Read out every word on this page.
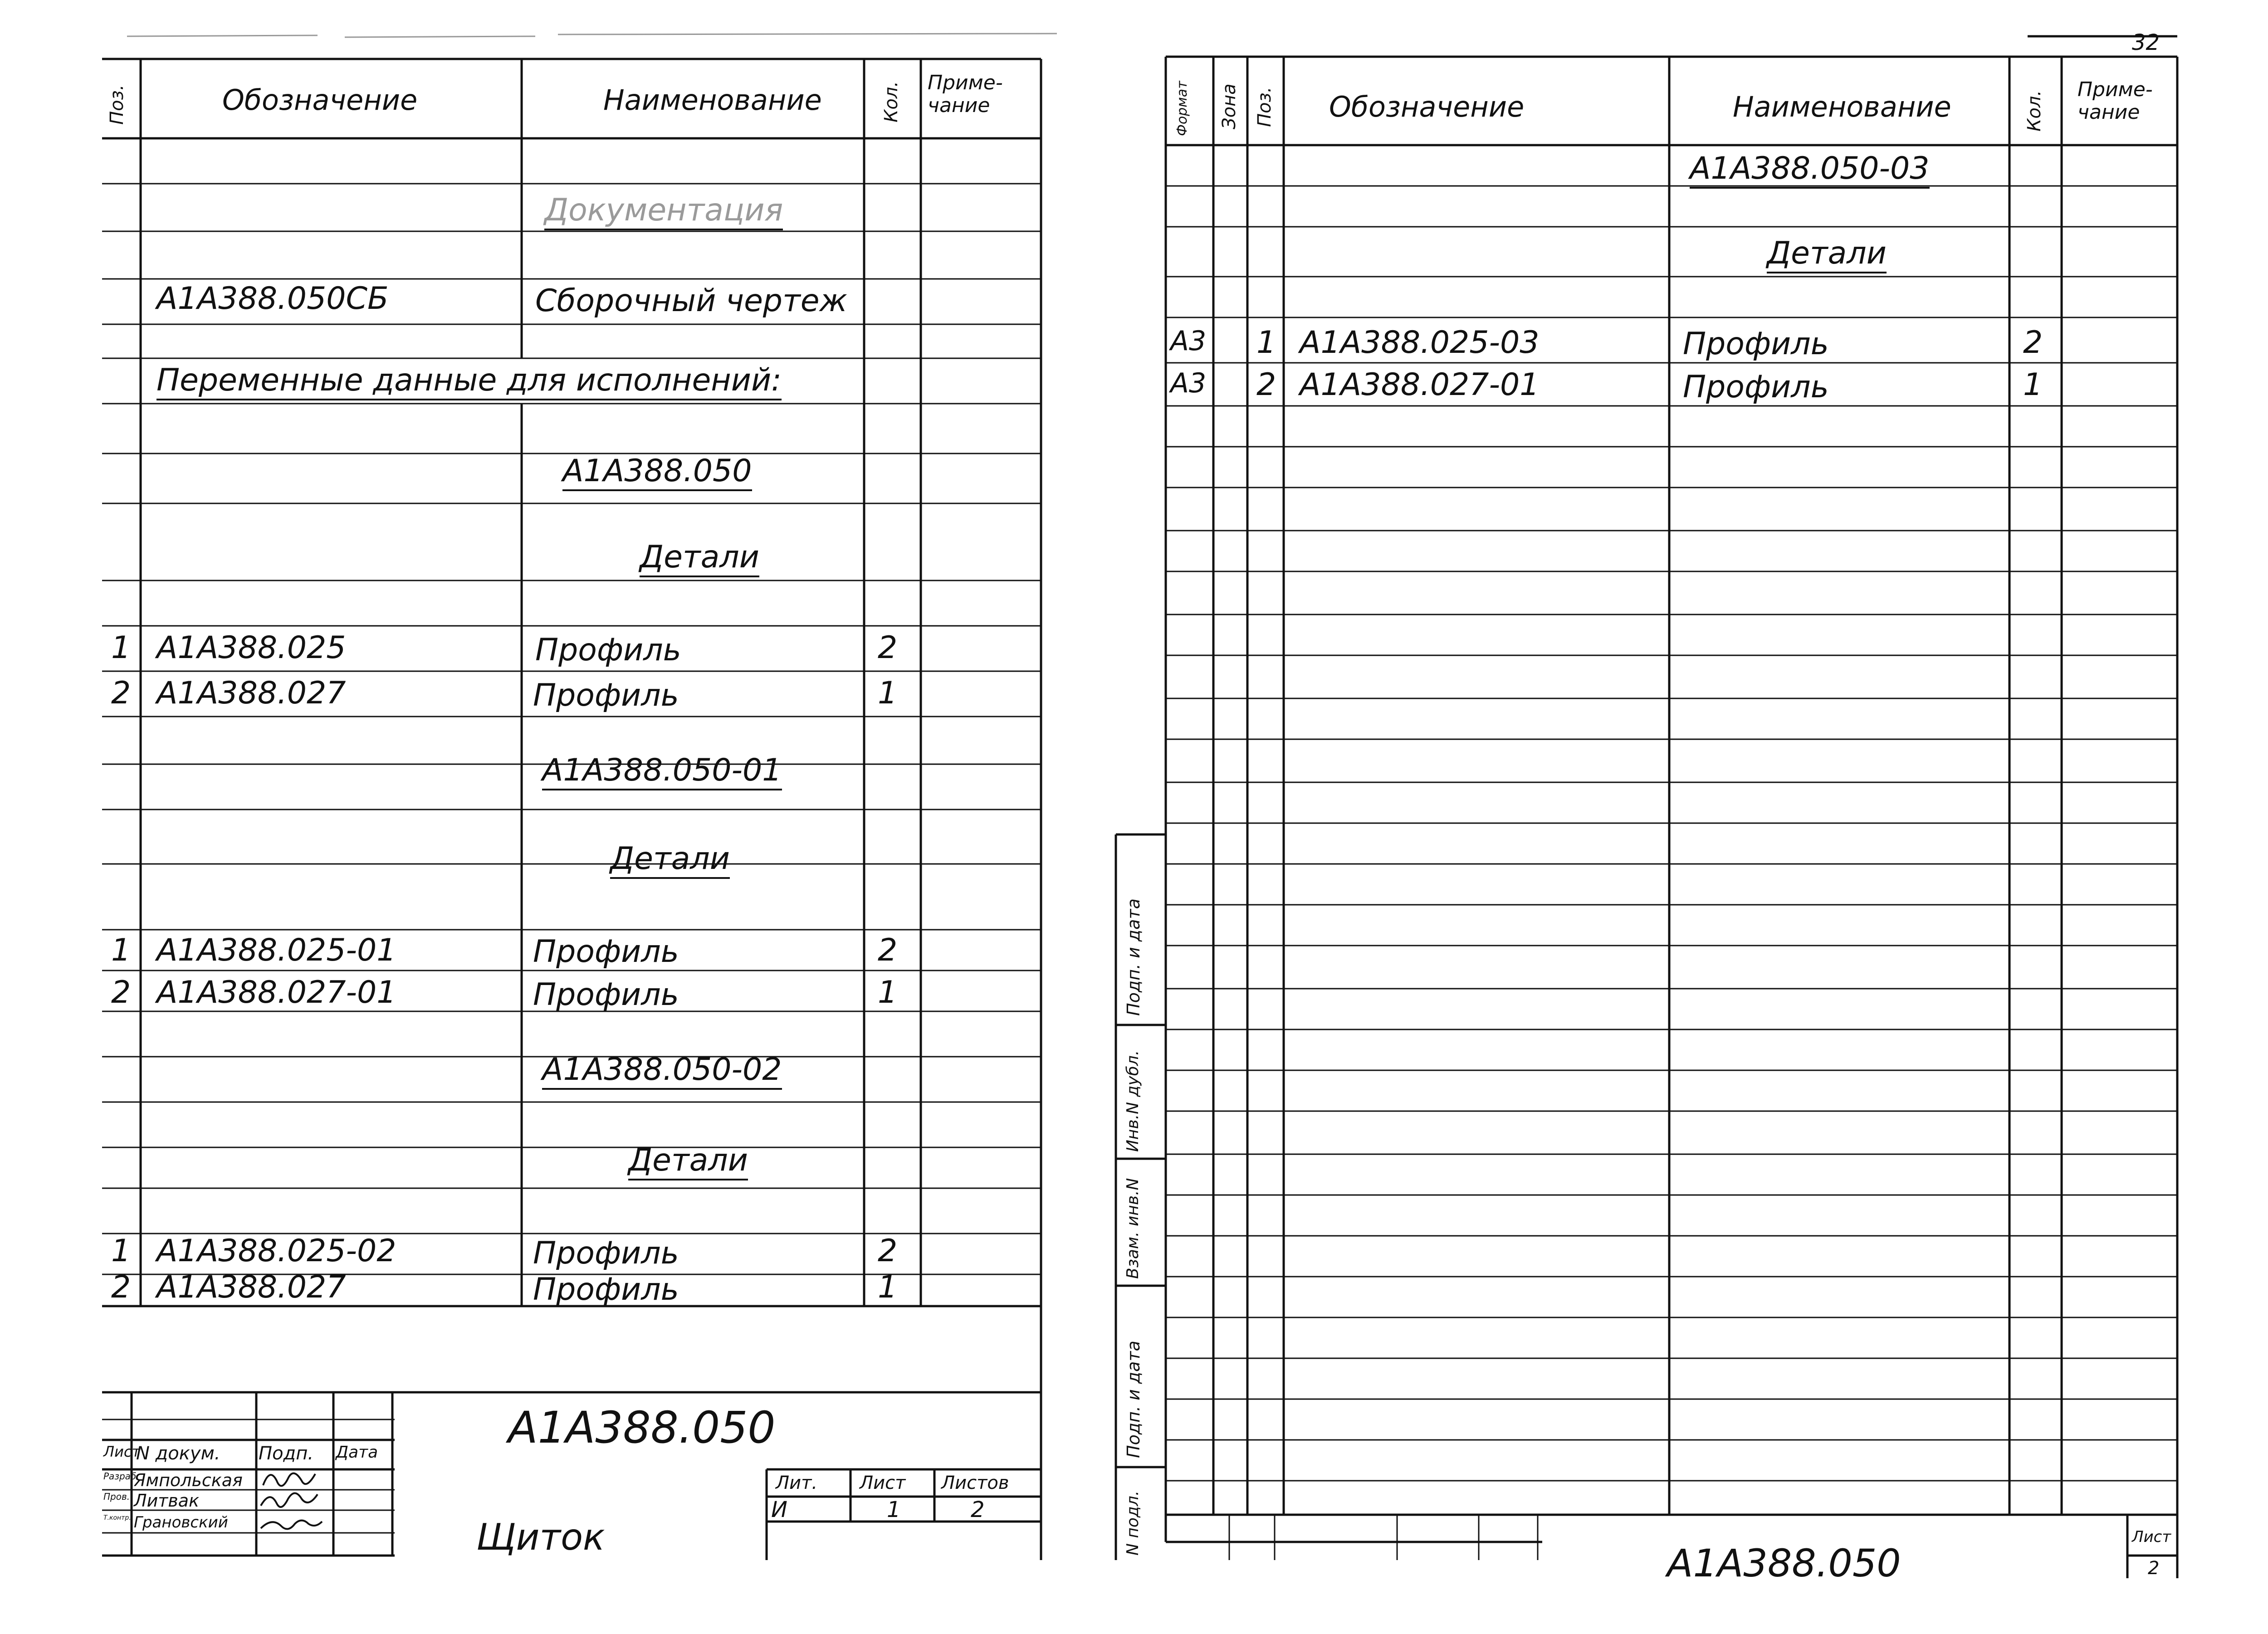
Поз.	Обозначение	Наименование	Кол. Приме-
чание
Документация
А1А388.050СБ	Сборочный чертеж
Переменные данные для исполнений:
А1А388.050
Детали
1 А1А388.025	Профиль	2
2 А1А388.027	Профиль	1
А1А388.050-01
Детали
1 А1А388.025-01	Профиль	2
2 А1А388.027-01	Профиль	1
А1А388.050-02
Детали
1 А1А388.025-02	Профиль	2
2 А1А388.027	Профиль	1
А1А388.050
Щиток
Лист
N докум. Подп. Дата
Разраб.
Пров.
Т.контр.
Ямпольская
Литвак
Грановский
Лит. Лист Листов
И	1	2
32
Формат Зона Поз. Обозначение	Наименование	Кол.
Приме-
чание
А1А388.050-03
Детали
А3 1 А1А388.025-03	Профиль	2
А3 2 А1А388.027-01	Профиль	1
Подп. и дата
Инв.N дубл.
Взам. инв.N
Подп. и дата
N подл.
А1А388.050
Лист
2
